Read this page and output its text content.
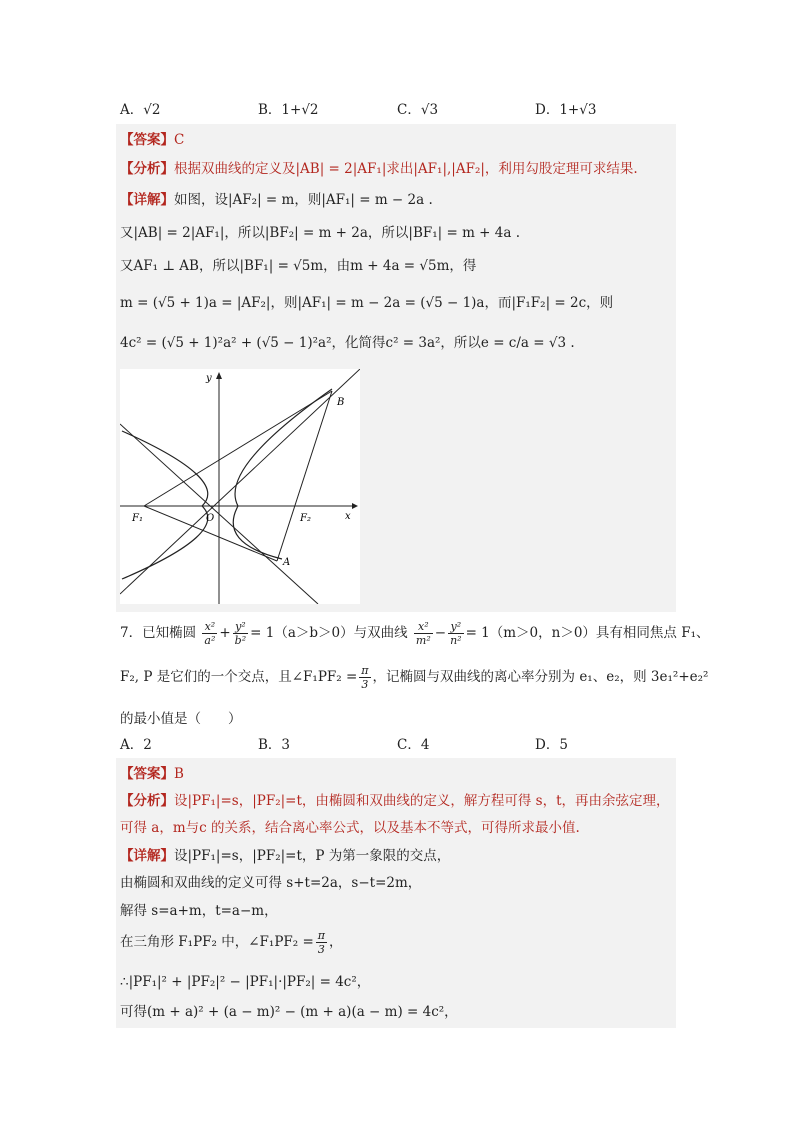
A．√2	B．1+√2	C．√3	D．1+√3
【答案】C
【分析】根据双曲线的定义及|AB| = 2|AF₁|求出|AF₁|,|AF₂|，利用勾股定理可求结果.
【详解】如图，设|AF₂| = m，则|AF₁| = m − 2a .
又|AB| = 2|AF₁|，所以|BF₂| = m + 2a，所以|BF₁| = m + 4a .
又AF₁ ⊥ AB，所以|BF₁| = √5m，由m + 4a = √5m，得
m = (√5 + 1)a = |AF₂|，则|AF₁| = m − 2a = (√5 − 1)a，而|F₁F₂| = 2c，则
4c² = (√5 + 1)²a² + (√5 − 1)²a²，化简得c² = 3a²，所以e = c/a = √3 .
y
x
O
F₁	F₂
A
B
7．已知椭圆 $\frac{\text{x²}}{\text{a²}} + \frac{\text{y²}}{\text{b²}} = 1(a>b>0)$与双曲线 $\frac{\text{x²}}{\text{m²}} - \frac{\text{y²}}{\text{n²}} = 1(m>0$，n＞0）具有相同焦点 F₁、
F₂, P 是它们的一个交点，且∠F₁PF₂ = $\frac{\pi}{3}$ ，记椭圆与双曲线的离心率分别为 e₁、e₂，则 3e₁²+e₂²
的最小值是（　　）
A．2	B．3	C．4	D．5
【答案】B
【分析】设|PF₁|=s，|PF₂|=t，由椭圆和双曲线的定义，解方程可得 s，t，再由余弦定理，
可得 a，m与c 的关系，结合离心率公式，以及基本不等式，可得所求最小值.
【详解】设|PF₁|=s，|PF₂|=t，P 为第一象限的交点，
由椭圆和双曲线的定义可得 s+t=2a，s−t=2m，
解得 s=a+m，t=a−m，
在三角形 F₁PF₂ 中，∠F₁PF₂ = $\frac{\pi}{3}$ ，
∴|PF₁|² + |PF₂|² − |PF₁|·|PF₂| = 4c²，
可得(m + a)² + (a − m)² − (m + a)(a − m) = 4c²，
